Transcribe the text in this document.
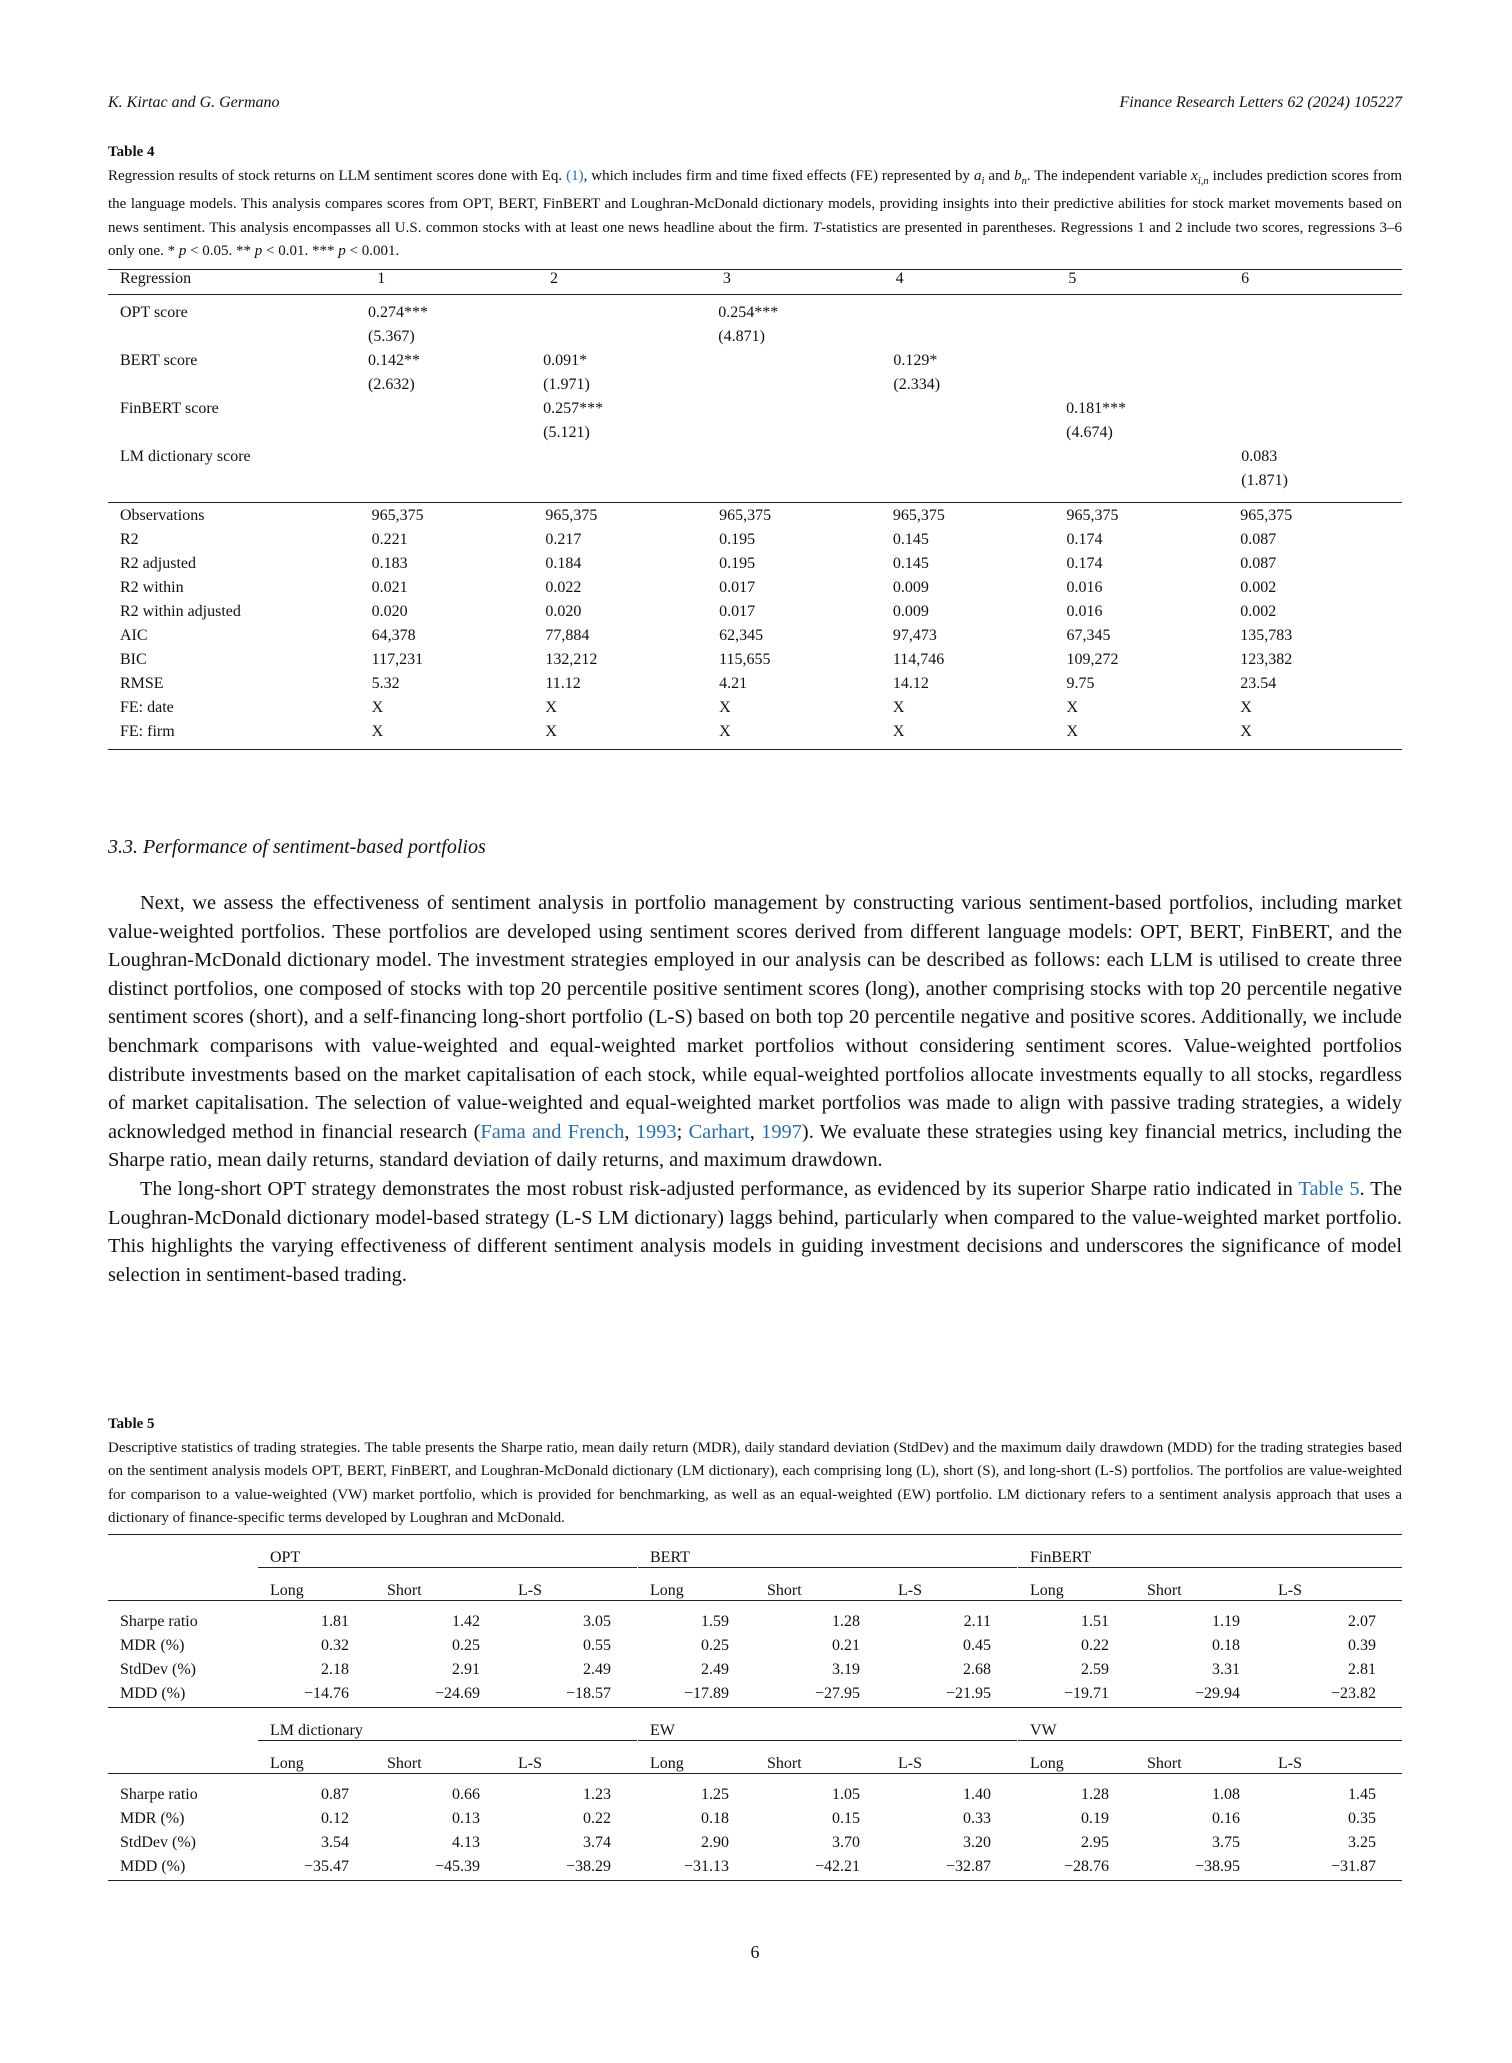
K. Kirtac and G. Germano	Finance Research Letters 62 (2024) 105227
Table 4
Regression results of stock returns on LLM sentiment scores done with Eq. (1), which includes firm and time fixed effects (FE) represented by $a_i$ and $b_n$. The independent variable $x_{i,n}$ includes prediction scores from the language models. This analysis compares scores from OPT, BERT, FinBERT and Loughran-McDonald dictionary models, providing insights into their predictive abilities for stock market movements based on news sentiment. This analysis encompasses all U.S. common stocks with at least one news headline about the firm. T-statistics are presented in parentheses. Regressions 1 and 2 include two scores, regressions 3–6 only one. * p < 0.05. ** p < 0.01. *** p < 0.001.
Regression	1	2	3	4	5	6
OPT score	0.274***		0.254***			
	(5.367)		(4.871)			
BERT score	0.142**	0.091*		0.129*		
	(2.632)	(1.971)		(2.334)		
FinBERT score		0.257***			0.181***	
		(5.121)			(4.674)	
LM dictionary score						0.083
						(1.871)
Observations	965,375	965,375	965,375	965,375	965,375	965,375
R2	0.221	0.217	0.195	0.145	0.174	0.087
R2 adjusted	0.183	0.184	0.195	0.145	0.174	0.087
R2 within	0.021	0.022	0.017	0.009	0.016	0.002
R2 within adjusted	0.020	0.020	0.017	0.009	0.016	0.002
AIC	64,378	77,884	62,345	97,473	67,345	135,783
BIC	117,231	132,212	115,655	114,746	109,272	123,382
RMSE	5.32	11.12	4.21	14.12	9.75	23.54
FE: date	X	X	X	X	X	X
FE: firm	X	X	X	X	X	X
3.3. Performance of sentiment-based portfolios

Next, we assess the effectiveness of sentiment analysis in portfolio management by constructing various sentiment-based portfolios, including market value-weighted portfolios. These portfolios are developed using sentiment scores derived from different language models: OPT, BERT, FinBERT, and the Loughran-McDonald dictionary model. The investment strategies employed in our analysis can be described as follows: each LLM is utilised to create three distinct portfolios, one composed of stocks with top 20 percentile positive sentiment scores (long), another comprising stocks with top 20 percentile negative sentiment scores (short), and a self-financing long-short portfolio (L-S) based on both top 20 percentile negative and positive scores. Additionally, we include benchmark comparisons with value-weighted and equal-weighted market portfolios without considering sentiment scores. Value-weighted portfolios distribute investments based on the market capitalisation of each stock, while equal-weighted portfolios allocate investments equally to all stocks, regardless of market capitalisation. The selection of value-weighted and equal-weighted market portfolios was made to align with passive trading strategies, a widely acknowledged method in financial research (Fama and French, 1993; Carhart, 1997). We evaluate these strategies using key financial metrics, including the Sharpe ratio, mean daily returns, standard deviation of daily returns, and maximum drawdown.

The long-short OPT strategy demonstrates the most robust risk-adjusted performance, as evidenced by its superior Sharpe ratio indicated in Table 5. The Loughran-McDonald dictionary model-based strategy (L-S LM dictionary) laggs behind, particularly when compared to the value-weighted market portfolio. This highlights the varying effectiveness of different sentiment analysis models in guiding investment decisions and underscores the significance of model selection in sentiment-based trading.

Table 5
Descriptive statistics of trading strategies. The table presents the Sharpe ratio, mean daily return (MDR), daily standard deviation (StdDev) and the maximum daily drawdown (MDD) for the trading strategies based on the sentiment analysis models OPT, BERT, FinBERT, and Loughran-McDonald dictionary (LM dictionary), each comprising long (L), short (S), and long-short (L-S) portfolios. The portfolios are value-weighted for comparison to a value-weighted (VW) market portfolio, which is provided for benchmarking, as well as an equal-weighted (EW) portfolio. LM dictionary refers to a sentiment analysis approach that uses a dictionary of finance-specific terms developed by Loughran and McDonald.
	OPT			BERT			FinBERT		
	Long	Short	L-S		Long	Short	L-S		Long	Short	L-S
Sharpe ratio	1.81	1.42	3.05		1.59	1.28	2.11		1.51	1.19	2.07
MDR (%)	0.32	0.25	0.55		0.25	0.21	0.45		0.22	0.18	0.39
StdDev (%)	2.18	2.91	2.49		2.49	3.19	2.68		2.59	3.31	2.81
MDD (%)	−14.76	−24.69	−18.57		−17.89	−27.95	−21.95		−19.71	−29.94	−23.82
	LM dictionary			EW			VW		
	Long	Short	L-S		Long	Short	L-S		Long	Short	L-S
Sharpe ratio	0.87	0.66	1.23		1.25	1.05	1.40		1.28	1.08	1.45
MDR (%)	0.12	0.13	0.22		0.18	0.15	0.33		0.19	0.16	0.35
StdDev (%)	3.54	4.13	3.74		2.90	3.70	3.20		2.95	3.75	3.25
MDD (%)	−35.47	−45.39	−38.29		−31.13	−42.21	−32.87		−28.76	−38.95	−31.87
6
